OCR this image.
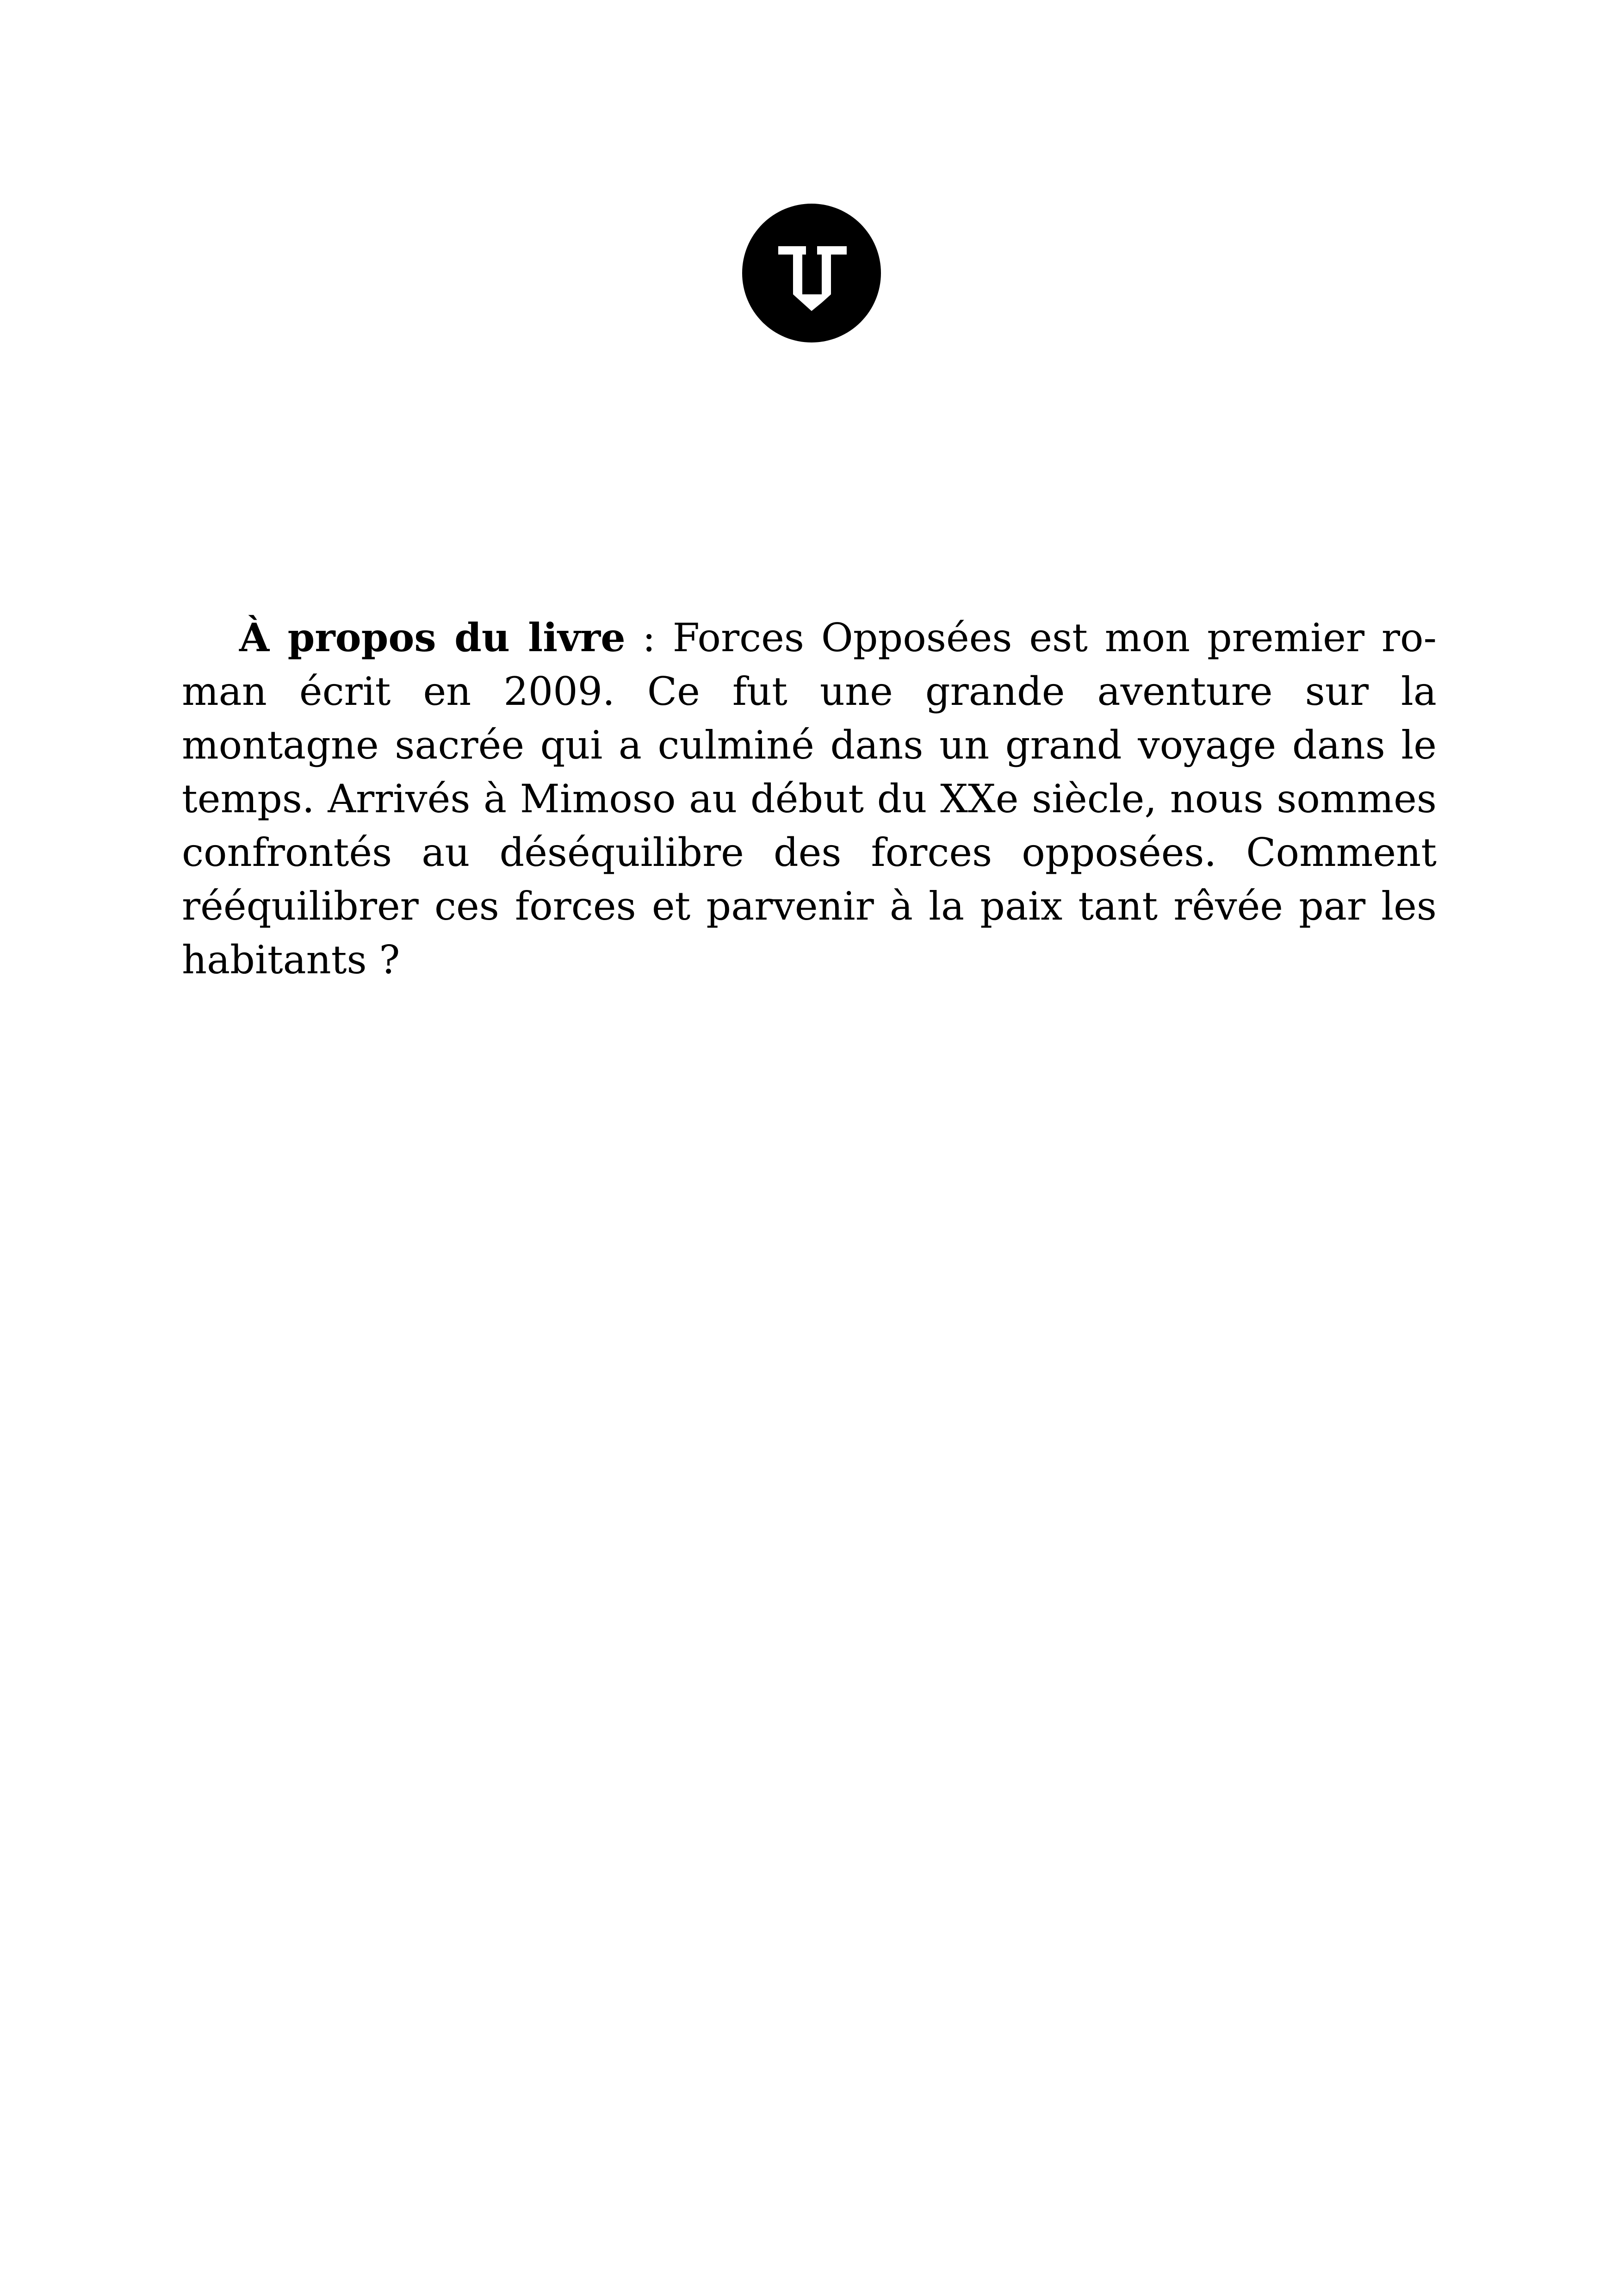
À propos du livre : Forces Opposées est mon premier roman écrit en 2009. Ce fut une grande aventure sur la montagne sacrée qui a culminé dans un grand voyage dans le temps. Arrivés à Mimoso au début du XXe siècle, nous sommes confrontés au déséquilibre des forces opposées. Comment rééquilibrer ces forces et parvenir à la paix tant rêvée par les habitants ?
